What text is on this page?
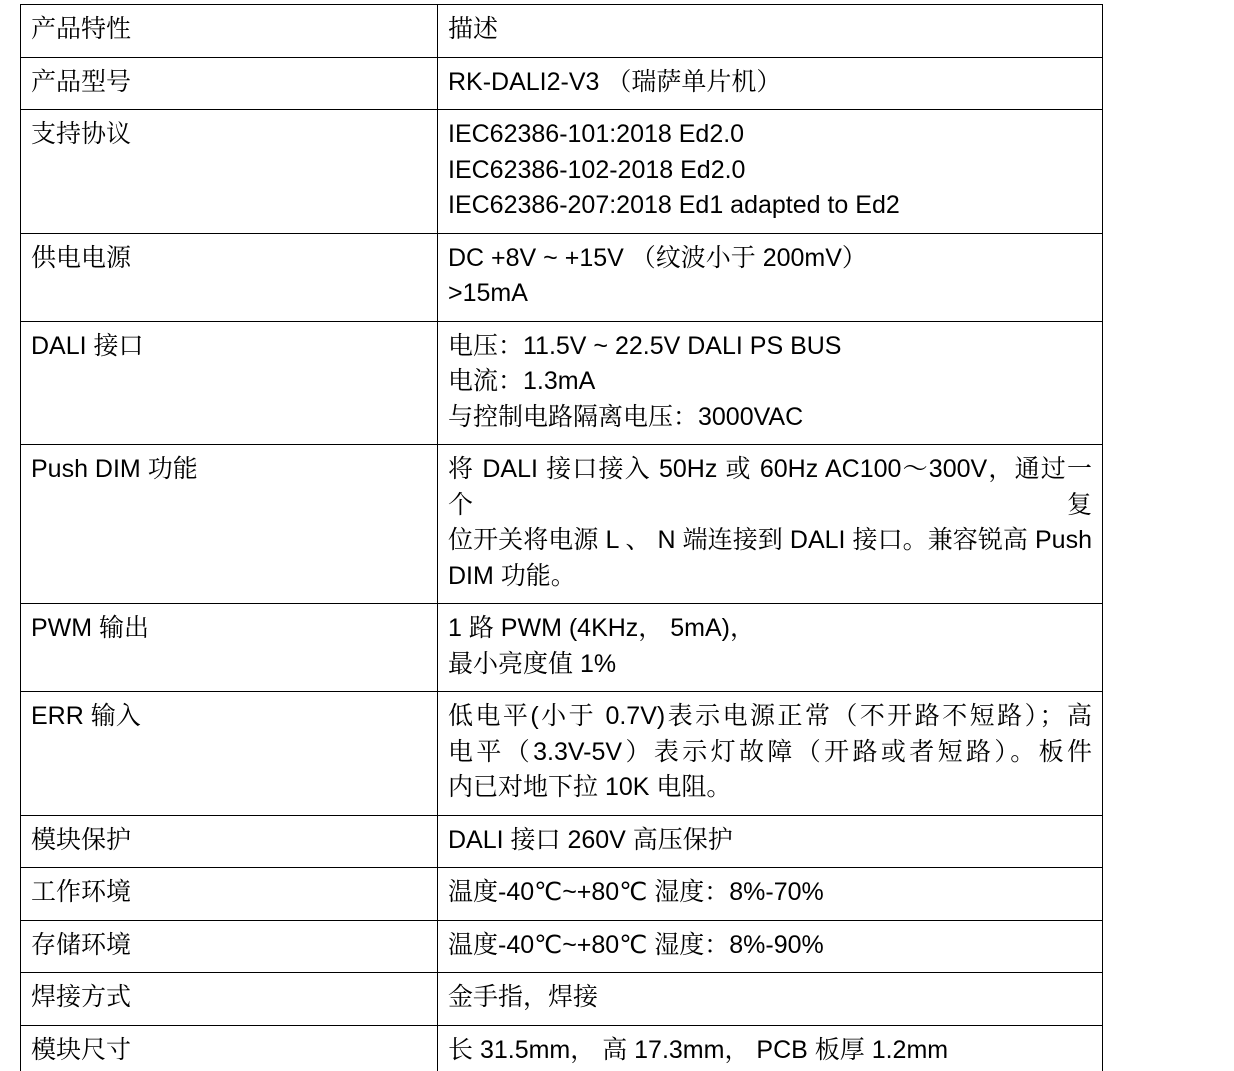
产品特性	描述

产品型号	RK-DALI2-V3 （瑞萨单片机）

支持协议	IEC62386-101:2018 Ed2.0
IEC62386-102-2018 Ed2.0
IEC62386-207:2018 Ed1 adapted to Ed2

供电电源	DC +8V ~ +15V （纹波小于 200mV）
>15mA

DALI 接口	电压：11.5V ~ 22.5V DALI PS BUS
电流：1.3mA
与控制电路隔离电压：3000VAC

Push DIM 功能	将 DALI 接口接入 50Hz 或 60Hz AC100～300V，通过一个复
位开关将电源 L 、 N 端连接到 DALI 接口。兼容锐高 Push
DIM 功能。

PWM 输出	1 路 PWM (4KHz， 5mA)，
最小亮度值 1%

ERR 输入	低电平(小于 0.7V)表示电源正常（不开路不短路）；高
电平（3.3V-5V）表示灯故障（开路或者短路）。板件
内已对地下拉 10K 电阻。

模块保护	DALI 接口 260V 高压保护

工作环境	温度-40℃~+80℃ 湿度：8%-70%

存储环境	温度-40℃~+80℃ 湿度：8%-90%

焊接方式	金手指，焊接

模块尺寸	长 31.5mm， 高 17.3mm， PCB 板厚 1.2mm
